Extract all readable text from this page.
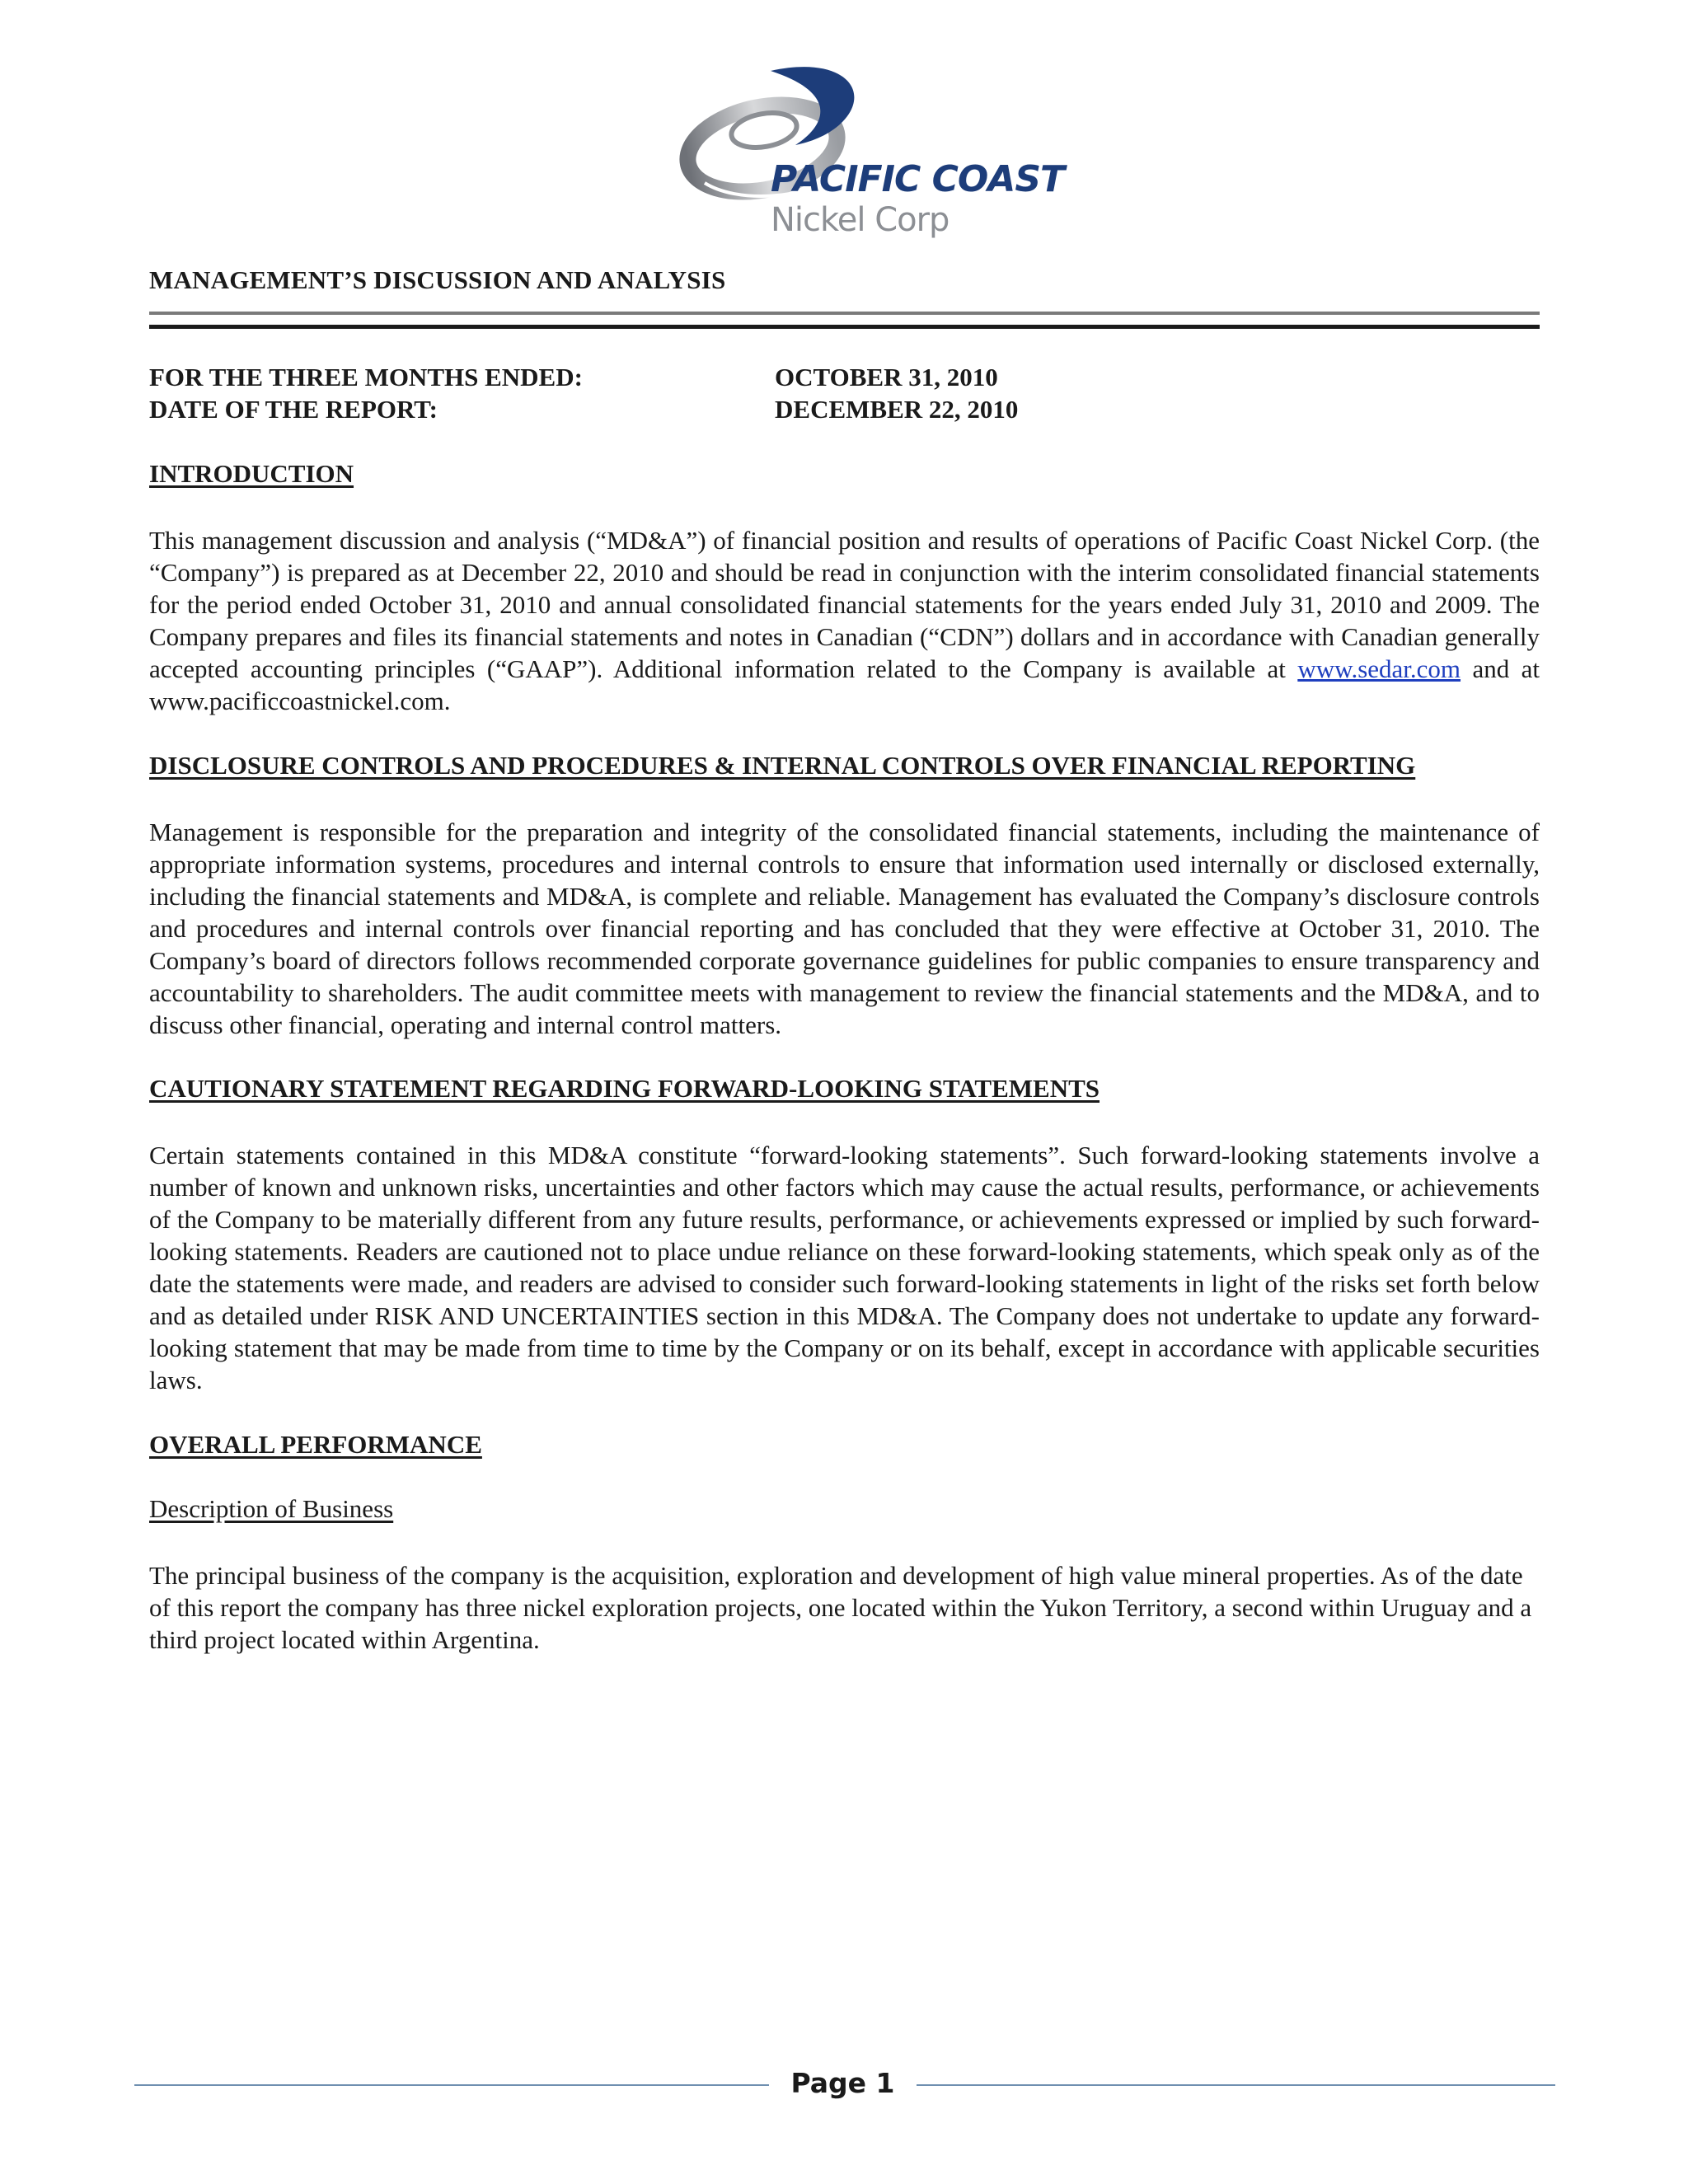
PACIFIC COAST
Nickel Corp
MANAGEMENT’S DISCUSSION AND ANALYSIS
FOR THE THREE MONTHS ENDED:	OCTOBER 31, 2010
DATE OF THE REPORT:	DECEMBER 22, 2010
INTRODUCTION
This management discussion and analysis (“MD&A”) of financial position and results of operations of Pacific Coast Nickel Corp. (the “Company”) is prepared as at December 22, 2010 and should be read in conjunction with the interim consolidated financial statements for the period ended October 31, 2010 and annual consolidated financial statements for the years ended July 31, 2010 and 2009. The Company prepares and files its financial statements and notes in Canadian (“CDN”) dollars and in accordance with Canadian generally accepted accounting principles (“GAAP”). Additional information related to the Company is available at www.sedar.com and at www.pacificcoastnickel.com.
DISCLOSURE CONTROLS AND PROCEDURES & INTERNAL CONTROLS OVER FINANCIAL REPORTING
Management is responsible for the preparation and integrity of the consolidated financial statements, including the maintenance of appropriate information systems, procedures and internal controls to ensure that information used internally or disclosed externally, including the financial statements and MD&A, is complete and reliable. Management has evaluated the Company’s disclosure controls and procedures and internal controls over financial reporting and has concluded that they were effective at October 31, 2010. The Company’s board of directors follows recommended corporate governance guidelines for public companies to ensure transparency and accountability to shareholders. The audit committee meets with management to review the financial statements and the MD&A, and to discuss other financial, operating and internal control matters.
CAUTIONARY STATEMENT REGARDING FORWARD-LOOKING STATEMENTS
Certain statements contained in this MD&A constitute “forward-looking statements”. Such forward-looking statements involve a number of known and unknown risks, uncertainties and other factors which may cause the actual results, performance, or achievements of the Company to be materially different from any future results, performance, or achievements expressed or implied by such forward-looking statements. Readers are cautioned not to place undue reliance on these forward-looking statements, which speak only as of the date the statements were made, and readers are advised to consider such forward-looking statements in light of the risks set forth below and as detailed under RISK AND UNCERTAINTIES section in this MD&A. The Company does not undertake to update any forward-looking statement that may be made from time to time by the Company or on its behalf, except in accordance with applicable securities laws.
OVERALL PERFORMANCE
Description of Business
The principal business of the company is the acquisition, exploration and development of high value mineral properties. As of the date of this report the company has three nickel exploration projects, one located within the Yukon Territory, a second within Uruguay and a third project located within Argentina.
Page 1
